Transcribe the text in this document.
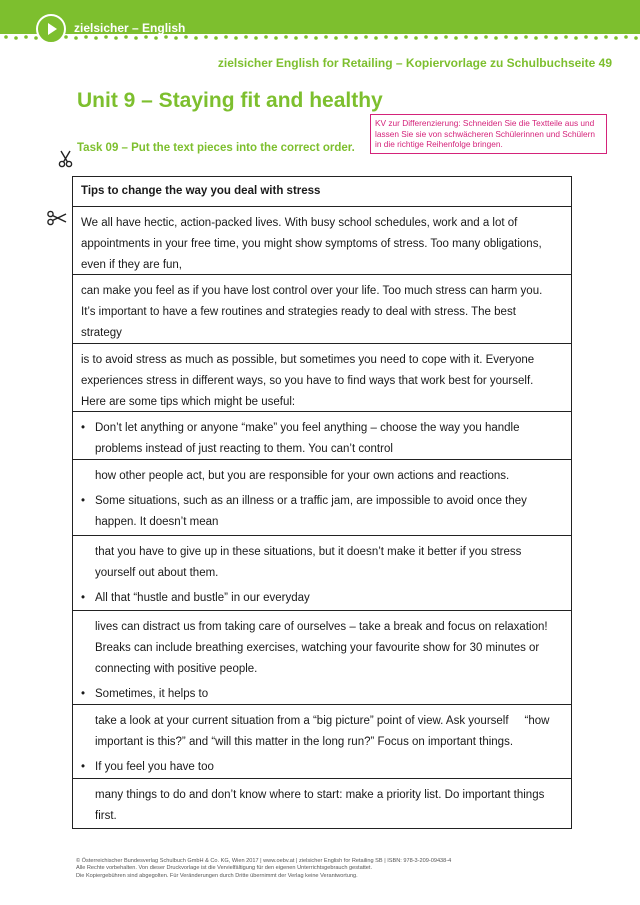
zielsicher – English
zielsicher English for Retailing – Kopiervorlage zu Schulbuchseite 49
Unit 9 – Staying fit and healthy
KV zur Differenzierung: Schneiden Sie die Textteile aus und lassen Sie sie von schwächeren Schülerinnen und Schülern in die richtige Reihenfolge bringen.
Task 09 – Put the text pieces into the correct order.
Tips to change the way you deal with stress
We all have hectic, action-packed lives. With busy school schedules, work and a lot of
appointments in your free time, you might show symptoms of stress. Too many obligations,
even if they are fun,
can make you feel as if you have lost control over your life. Too much stress can harm you.
It’s important to have a few routines and strategies ready to deal with stress. The best
strategy
is to avoid stress as much as possible, but sometimes you need to cope with it. Everyone
experiences stress in different ways, so you have to find ways that work best for yourself.
Here are some tips which might be useful:
• Don’t let anything or anyone “make” you feel anything – choose the way you handle
problems instead of just reacting to them. You can’t control
how other people act, but you are responsible for your own actions and reactions.
• Some situations, such as an illness or a traffic jam, are impossible to avoid once they
happen. It doesn’t mean
that you have to give up in these situations, but it doesn’t make it better if you stress
yourself out about them.
• All that “hustle and bustle” in our everyday
lives can distract us from taking care of ourselves – take a break and focus on relaxation!
Breaks can include breathing exercises, watching your favourite show for 30 minutes or
connecting with positive people.
• Sometimes, it helps to
take a look at your current situation from a “big picture” point of view. Ask yourself     “how
important is this?” and “will this matter in the long run?” Focus on important things.
• If you feel you have too
many things to do and don’t know where to start: make a priority list. Do important things
first.
© Österreichischer Bundesverlag Schulbuch GmbH & Co. KG, Wien 2017 | www.oebv.at | zielsicher English for Retailing SB | ISBN: 978-3-209-09438-4
Alle Rechte vorbehalten. Von dieser Druckvorlage ist die Vervielfältigung für den eigenen Unterrichtsgebrauch gestattet.
Die Kopiergebühren sind abgegolten. Für Veränderungen durch Dritte übernimmt der Verlag keine Verantwortung.
